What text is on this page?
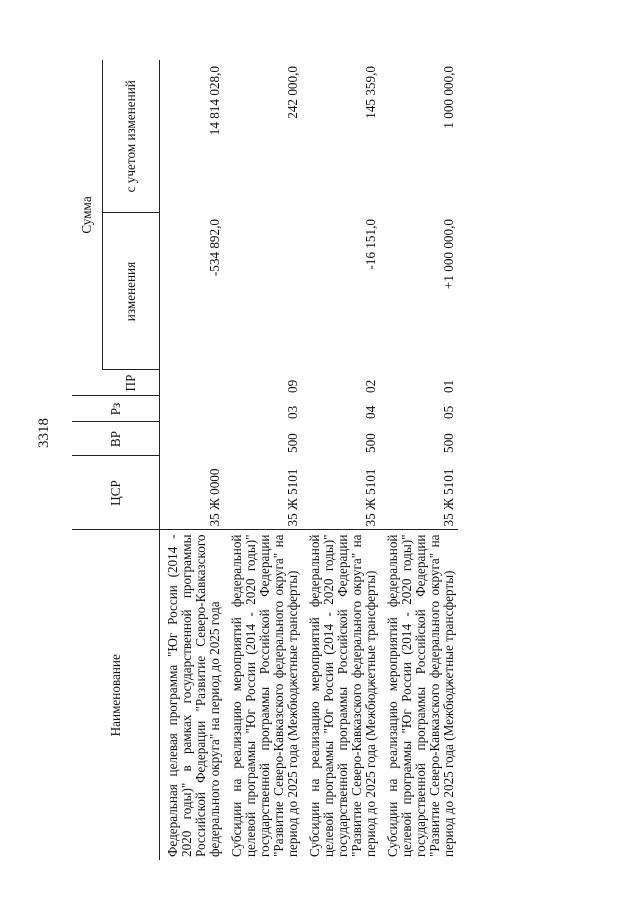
3318
Наименование	ЦСР	ВР	Рз		Сумма	
				ПР	изменения	с учетом изменений
Федеральная целевая программа "Юг России (2014 - 2020 годы)" в рамках государственной программы Российской Федерации "Развитие Северо-Кавказского федерального округа" на период до 2025 года	35 Ж 0000				-534 892,0	14 814 028,0
Субсидии на реализацию мероприятий федеральной целевой программы "Юг России (2014 - 2020 годы)" государственной программы Российской Федерации "Развитие Северо-Кавказского федерального округа" на период до 2025 года (Межбюджетные трансферты)	35 Ж 5101	500	03	09		242 000,0
Субсидии на реализацию мероприятий федеральной целевой программы "Юг России (2014 - 2020 годы)" государственной программы Российской Федерации "Развитие Северо-Кавказского федерального округа" на период до 2025 года (Межбюджетные трансферты)	35 Ж 5101	500	04	02	-16 151,0	145 359,0
Субсидии на реализацию мероприятий федеральной целевой программы "Юг России (2014 - 2020 годы)" государственной программы Российской Федерации "Развитие Северо-Кавказского федерального округа" на период до 2025 года (Межбюджетные трансферты)	35 Ж 5101	500	05	01	+1 000 000,0	1 000 000,0
